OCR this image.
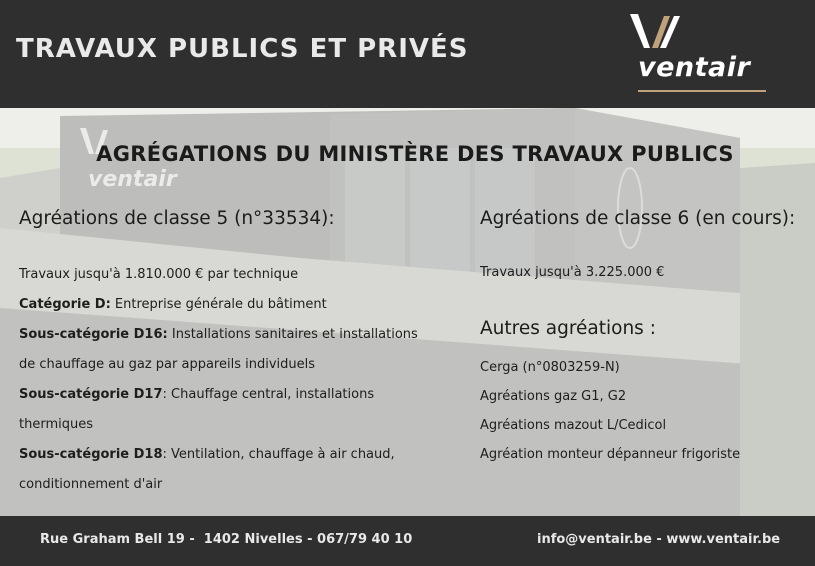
TRAVAUX PUBLICS ET PRIVÉS
ventair
AGRÉGATIONS DU MINISTÈRE DES TRAVAUX PUBLICS
Agréations de classe 5 (n°33534):
Travaux jusqu'à 1.810.000 € par technique
Catégorie D: Entreprise générale du bâtiment
Sous-catégorie D16: Installations sanitaires et installations
de chauffage au gaz par appareils individuels
Sous-catégorie D17: Chauffage central, installations
thermiques
Sous-catégorie D18: Ventilation, chauffage à air chaud,
conditionnement d'air
Agréations de classe 6 (en cours):
Travaux jusqu'à 3.225.000 €
Autres agréations :
Cerga (n°0803259-N)
Agréations gaz G1, G2
Agréations mazout L/Cedicol
Agréation monteur dépanneur frigoriste
Rue Graham Bell 19 -  1402 Nivelles - 067/79 40 10	info@ventair.be - www.ventair.be
